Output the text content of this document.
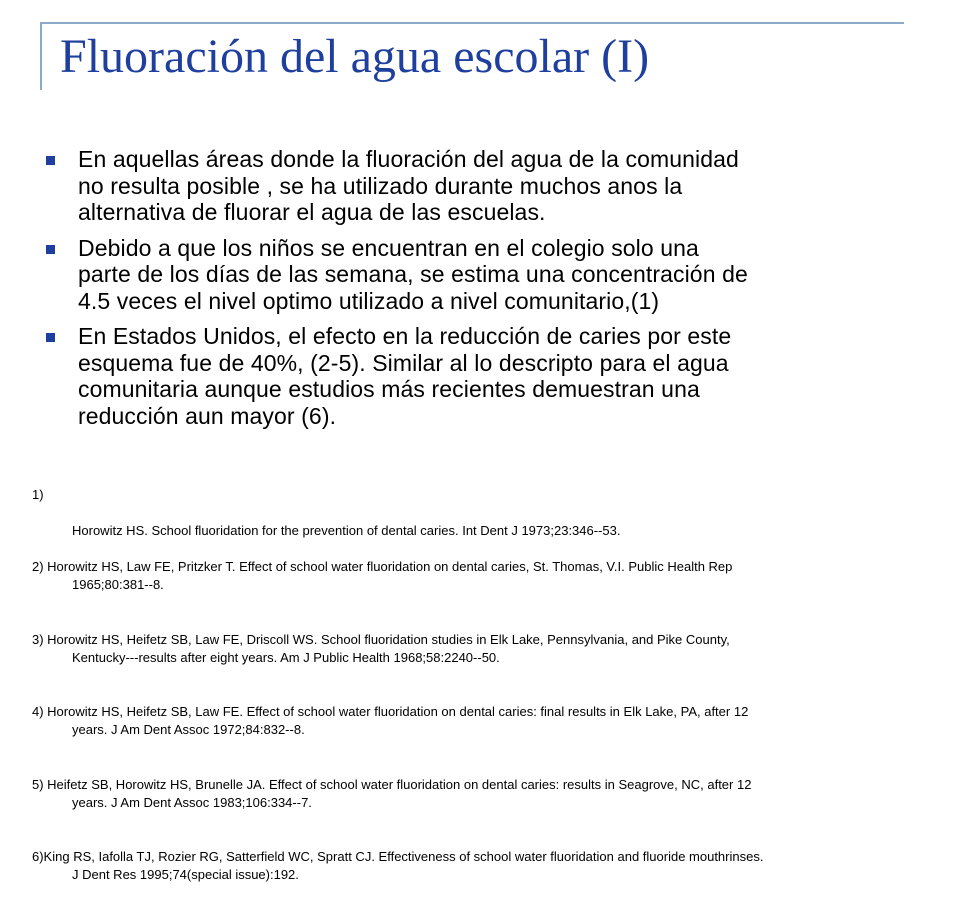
Fluoración del agua escolar (I)
En aquellas áreas donde la fluoración del agua de la comunidad
no resulta posible , se ha utilizado durante muchos anos la
alternativa de fluorar el agua de las escuelas.
Debido a que los niños se encuentran en el colegio solo una
parte de los días de las semana, se estima una concentración de
4.5 veces el nivel optimo utilizado a nivel comunitario,(1)
En Estados Unidos, el efecto en la reducción de caries por este
esquema fue de 40%, (2-5). Similar al lo descripto para el agua
comunitaria aunque estudios más recientes demuestran una
reducción aun mayor (6).

1)

Horowitz HS. School fluoridation for the prevention of dental caries. Int Dent J 1973;23:346--53.

2) Horowitz HS, Law FE, Pritzker T. Effect of school water fluoridation on dental caries, St. Thomas, V.I. Public Health Rep
1965;80:381--8.

3) Horowitz HS, Heifetz SB, Law FE, Driscoll WS. School fluoridation studies in Elk Lake, Pennsylvania, and Pike County,
Kentucky---results after eight years. Am J Public Health 1968;58:2240--50.

4) Horowitz HS, Heifetz SB, Law FE. Effect of school water fluoridation on dental caries: final results in Elk Lake, PA, after 12
years. J Am Dent Assoc 1972;84:832--8.

5) Heifetz SB, Horowitz HS, Brunelle JA. Effect of school water fluoridation on dental caries: results in Seagrove, NC, after 12
years. J Am Dent Assoc 1983;106:334--7.

6)King RS, Iafolla TJ, Rozier RG, Satterfield WC, Spratt CJ. Effectiveness of school water fluoridation and fluoride mouthrinses.
J Dent Res 1995;74(special issue):192.
